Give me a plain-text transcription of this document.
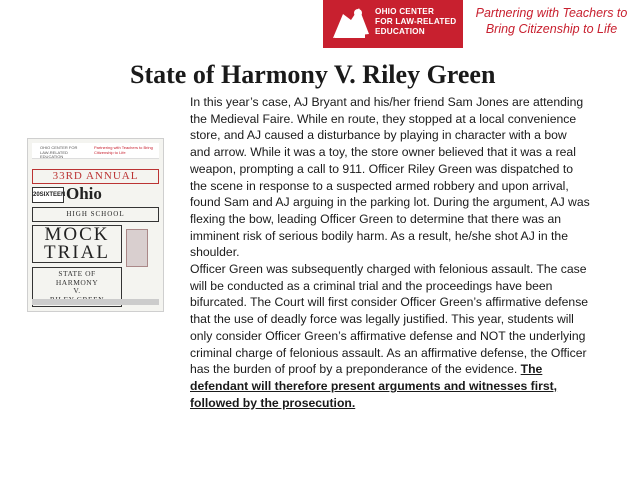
OHIO CENTER
FOR LAW-RELATED
EDUCATION
Partnering with Teachers to
Bring Citizenship to Life
State of Harmony V. Riley Green
OHIO CENTER FOR LAW-RELATED EDUCATION
Partnering with Teachers to Bring Citizenship to Life
33RD ANNUAL
20SIXTEEN Ohio
HIGH SCHOOL
MOCK
TRIAL
STATE OF
HARMONY
V.

In this year’s case, AJ Bryant and his/her friend Sam Jones are attending the Medieval Faire. While en route, they stopped at a local convenience store, and AJ caused a disturbance by playing in character with a bow and arrow. While it was a toy, the store owner believed that it was a real weapon, prompting a call to 911. Officer Riley Green was dispatched to the scene in response to a suspected armed robbery and upon arrival, found Sam and AJ arguing in the parking lot. During the argument, AJ was flexing the bow, leading Officer Green to determine that there was an imminent risk of serious bodily harm. As a result, he/she shot AJ in the shoulder.

Officer Green was subsequently charged with felonious assault. The case will be conducted as a criminal trial and the proceedings have been bifurcated. The Court will first consider Officer Green’s affirmative defense that the use of deadly force was legally justified. This year, students will only consider Officer Green’s affirmative defense and NOT the underlying criminal charge of felonious assault. As an affirmative defense, the Officer has the burden of proof by a preponderance of the evidence. The defendant will therefore present arguments and witnesses first, followed by the prosecution.
